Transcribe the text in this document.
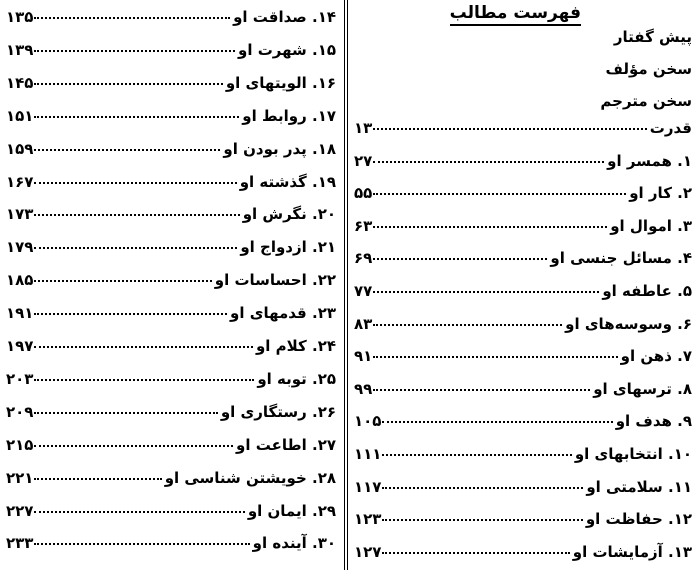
فهرست مطالب
پیش گفتار
سخن مؤلف
سخن مترجم
قدرت
۱۳
۱. همسر او
۲۷
۲. کار او
۵۵
۳. اموال او
۶۳
۴. مسائل جنسی او
۶۹
۵. عاطفه او
۷۷
۶. وسوسه‌های او
۸۳
۷. ذهن او
۹۱
۸. ترسهای او
۹۹
۹. هدف او
۱۰۵
۱۰. انتخابهای او
۱۱۱
۱۱. سلامتی او
۱۱۷
۱۲. حفاظت او
۱۲۳
۱۳. آزمایشات او
۱۲۷
۱۴. صداقت او
۱۳۵
۱۵. شهرت او
۱۳۹
۱۶. الویتهای او
۱۴۵
۱۷. روابط او
۱۵۱
۱۸. پدر بودن او
۱۵۹
۱۹. گذشته او
۱۶۷
۲۰. نگرش او
۱۷۳
۲۱. ازدواج او
۱۷۹
۲۲. احساسات او
۱۸۵
۲۳. قدمهای او
۱۹۱
۲۴. کلام او
۱۹۷
۲۵. توبه او
۲۰۳
۲۶. رستگاری او
۲۰۹
۲۷. اطاعت او
۲۱۵
۲۸. خویشتن شناسی او
۲۲۱
۲۹. ایمان او
۲۲۷
۳۰. آینده او
۲۳۳
